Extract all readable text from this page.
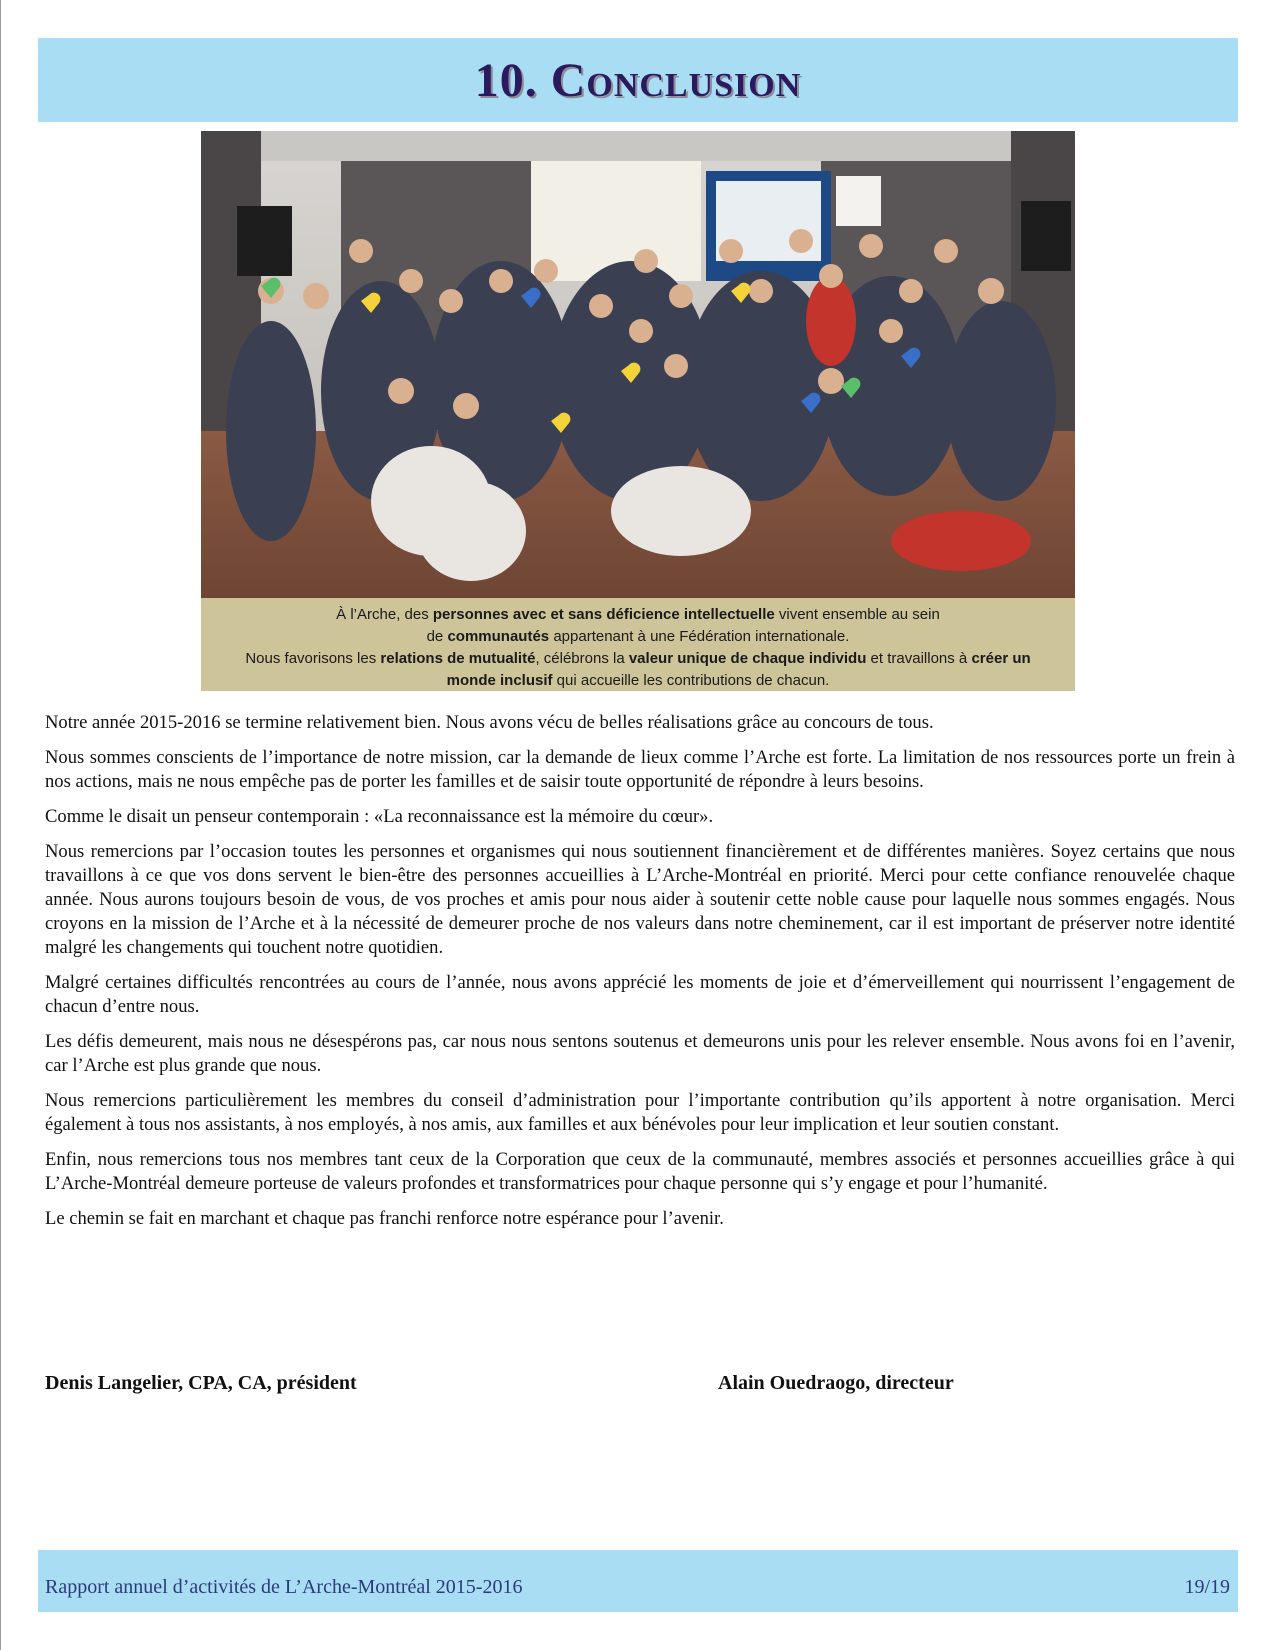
10. Conclusion
À l’Arche, des personnes avec et sans déficience intellectuelle vivent ensemble au sein
de communautés appartenant à une Fédération internationale.
Nous favorisons les relations de mutualité, célébrons la valeur unique de chaque individu et travaillons à créer un
monde inclusif qui accueille les contributions de chacun.

Notre année 2015-2016 se termine relativement bien. Nous avons vécu de belles réalisations grâce au concours de tous.

Nous sommes conscients de l’importance de notre mission, car la demande de lieux comme l’Arche est forte. La limitation de nos ressources porte un frein à nos actions, mais ne nous empêche pas de porter les familles et de saisir toute opportunité de répondre à leurs besoins.

Comme le disait un penseur contemporain : «La reconnaissance est la mémoire du cœur».

Nous remercions par l’occasion toutes les personnes et organismes qui nous soutiennent financièrement et de différentes manières. Soyez certains que nous travaillons à ce que vos dons servent le bien-être des personnes accueillies à L’Arche-Montréal en priorité. Merci pour cette confiance renouvelée chaque année. Nous aurons toujours besoin de vous, de vos proches et amis pour nous aider à soutenir cette noble cause pour laquelle nous sommes engagés. Nous croyons en la mission de l’Arche et à la nécessité de demeurer proche de nos valeurs dans notre cheminement, car il est important de préserver notre identité malgré les changements qui touchent notre quotidien.

Malgré certaines difficultés rencontrées au cours de l’année, nous avons apprécié les moments de joie et d’émerveillement qui nourrissent l’engagement de chacun d’entre nous.

Les défis demeurent, mais nous ne désespérons pas, car nous nous sentons soutenus et demeurons unis pour les relever ensemble. Nous avons foi en l’avenir, car l’Arche est plus grande que nous.

Nous remercions particulièrement les membres du conseil d’administration pour l’importante contribution qu’ils apportent à notre organisation. Merci également à tous nos assistants, à nos employés, à nos amis, aux familles et aux bénévoles pour leur implication et leur soutien constant.

Enfin, nous remercions tous nos membres tant ceux de la Corporation que ceux de la communauté, membres associés et personnes accueillies grâce à qui L’Arche-Montréal demeure porteuse de valeurs profondes et transformatrices pour chaque personne qui s’y engage et pour l’humanité.

Le chemin se fait en marchant et chaque pas franchi renforce notre espérance pour l’avenir.

Denis Langelier, CPA, CA, président	Alain Ouedraogo, directeur
Rapport annuel d’activités de L’Arche-Montréal 2015-2016	19/19
